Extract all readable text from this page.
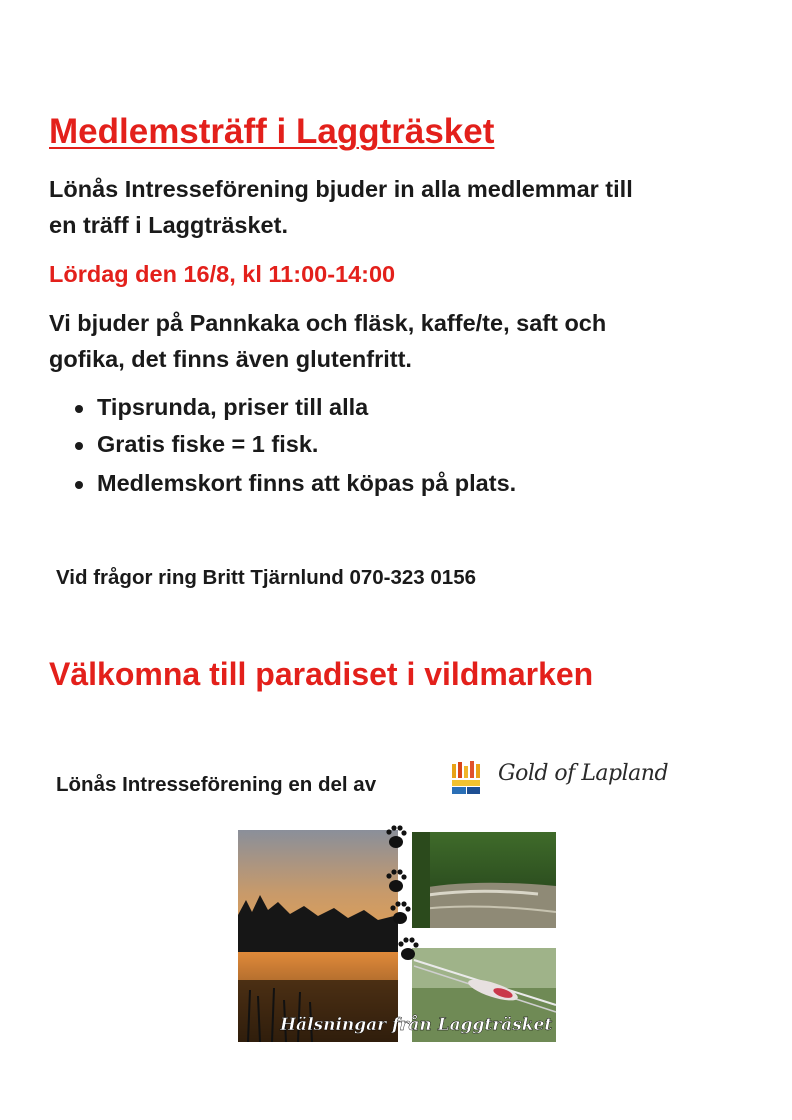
Medlemsträff i Laggträsket
Lönås Intresseförening bjuder in alla medlemmar till
en träff i Laggträsket.
Lördag den 16/8, kl 11:00-14:00
Vi bjuder på Pannkaka och fläsk, kaffe/te, saft och
gofika, det finns även glutenfritt.
Tipsrunda, priser till alla
Gratis fiske = 1 fisk.
Medlemskort finns att köpas på plats.
Vid frågor ring Britt Tjärnlund 070-323 0156
Välkomna till paradiset i vildmarken
Lönås Intresseförening en del av	Gold of Lapland
Hälsningar från Laggträsket
